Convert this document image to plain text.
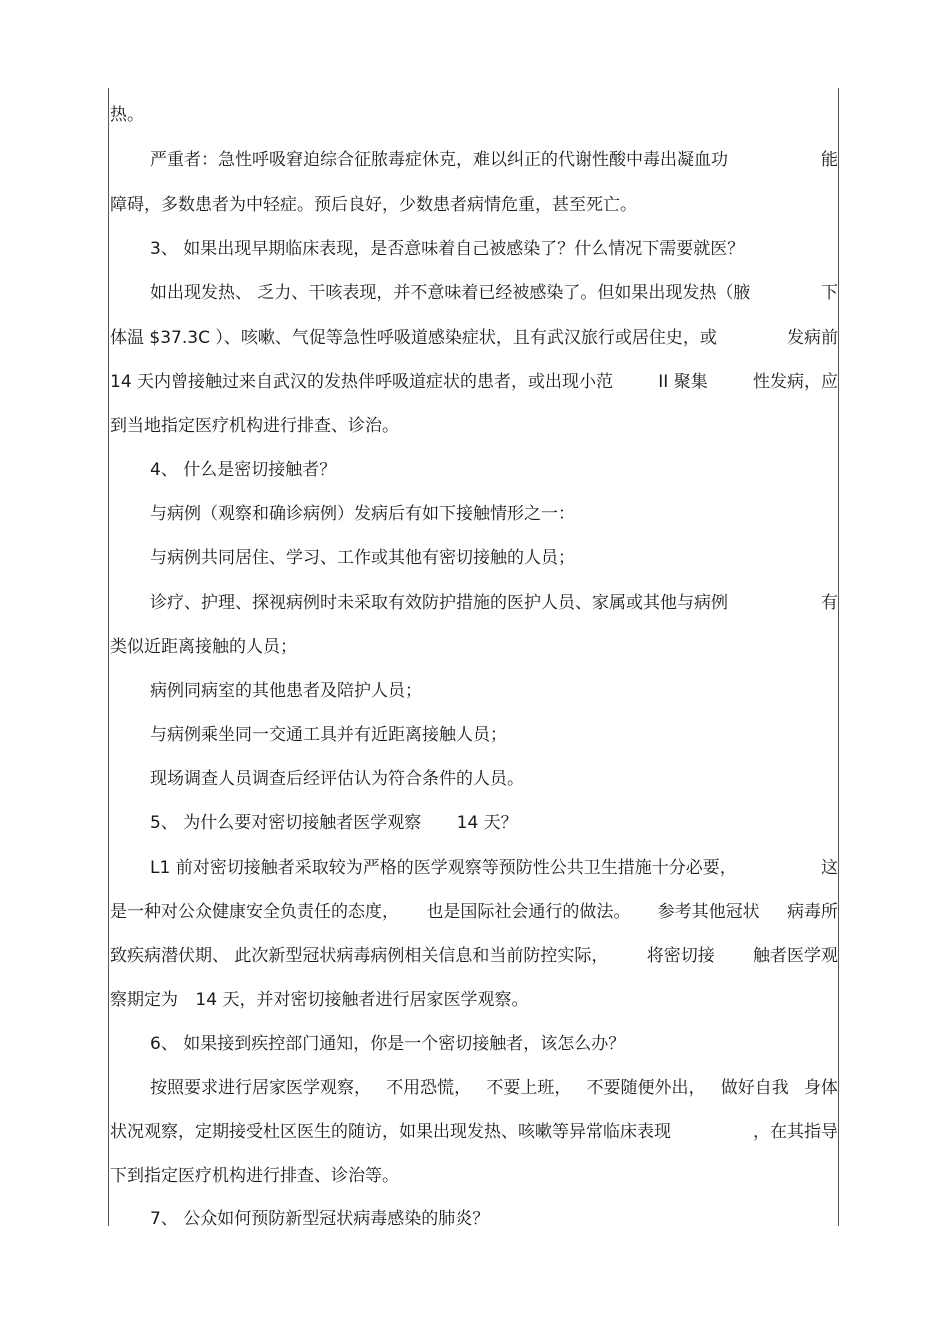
热。
严重者：急性呼吸窘迫综合征脓毒症休克，难以纠正的代谢性酸中毒出凝血功	能
障碍，多数患者为中轻症。预后良好，少数患者病情危重，甚至死亡。
3、 如果出现早期临床表现，是否意味着自己被感染了？什么情况下需要就医？
如出现发热、 乏力、干咳表现，并不意味着已经被感染了。但如果出现发热（腋	下
体温 $37.3C ）、咳嗽、气促等急性呼吸道感染症状，且有武汉旅行或居住史，或	发病前
14 天内曾接触过来自武汉的发热伴呼吸道症状的患者，或出现小范	II 聚集	性发病，应
到当地指定医疗机构进行排查、诊治。
4、 什么是密切接触者？
与病例（观察和确诊病例）发病后有如下接触情形之一：
与病例共同居住、学习、工作或其他有密切接触的人员；
诊疗、护理、探视病例时未采取有效防护措施的医护人员、家属或其他与病例	有
类似近距离接触的人员；
病例同病室的其他患者及陪护人员；
与病例乘坐同一交通工具并有近距离接触人员；
现场调查人员调查后经评估认为符合条件的人员。
5、 为什么要对密切接触者医学观察 14 天？
L1 前对密切接触者采取较为严格的医学观察等预防性公共卫生措施十分必要，	这
是一种对公众健康安全负责任的态度， 也是国际社会通行的做法。 参考其他冠状 病毒所
致疾病潜伏期、 此次新型冠状病毒病例相关信息和当前防控实际， 将密切接 触者医学观
察期定为 14 天，并对密切接触者进行居家医学观察。
6、 如果接到疾控部门通知，你是一个密切接触者，该怎么办？
按照要求进行居家医学观察， 不用恐慌， 不要上班， 不要随便外出， 做好自我 身体
状况观察，定期接受杜区医生的随访，如果出现发热、咳嗽等异常临床表现	，在其指导
下到指定医疗机构进行排查、诊治等。
7、 公众如何预防新型冠状病毒感染的肺炎？
